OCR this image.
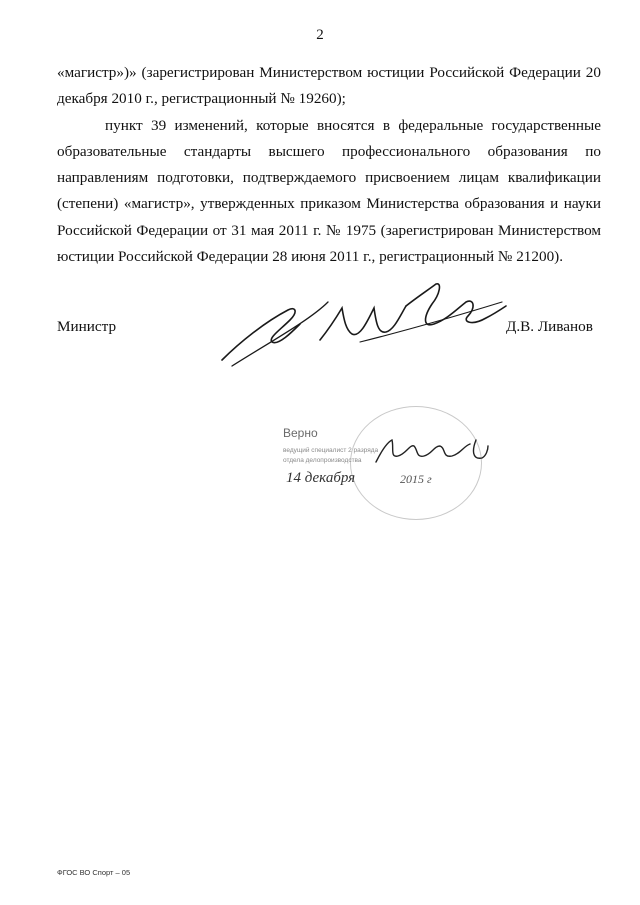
2

«магистр»)» (зарегистрирован Министерством юстиции Российской Федерации 20 декабря 2010 г., регистрационный № 19260);

пункт 39 изменений, которые вносятся в федеральные государственные образовательные стандарты высшего профессионального образования по направлениям подготовки, подтверждаемого присвоением лицам квалификации (степени) «магистр», утвержденных приказом Министерства образования и науки Российской Федерации от 31 мая 2011 г. № 1975 (зарегистрирован Министерством юстиции Российской Федерации 28 июня 2011 г., регистрационный № 21200).

Министр	Д.В. Ливанов
Верно
ведущий специалист 2 разряда
отдела делопроизводства
14 декабря	2015 г
ФГОС ВО Спорт – 05
